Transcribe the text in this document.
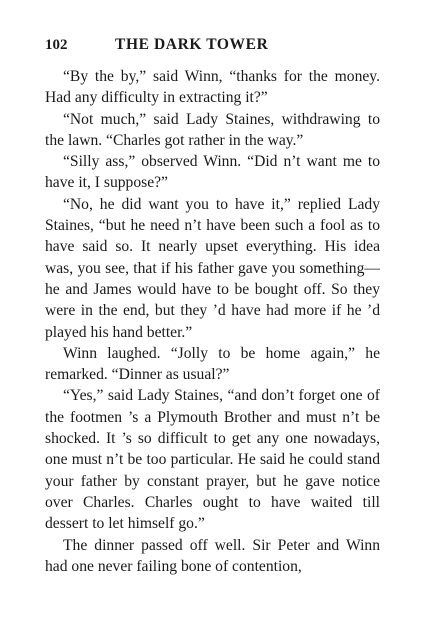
102	THE DARK TOWER

“By the by,” said Winn, “thanks for the money. Had any difficulty in extracting it?”

“Not much,” said Lady Staines, withdrawing to the lawn. “Charles got rather in the way.”

“Silly ass,” observed Winn. “Did n’t want me to have it, I suppose?”

“No, he did want you to have it,” replied Lady Staines, “but he need n’t have been such a fool as to have said so. It nearly upset everything. His idea was, you see, that if his father gave you something—he and James would have to be bought off. So they were in the end, but they ’d have had more if he ’d played his hand better.”

Winn laughed. “Jolly to be home again,” he remarked. “Dinner as usual?”

“Yes,” said Lady Staines, “and don’t forget one of the footmen ’s a Plymouth Brother and must n’t be shocked. It ’s so difficult to get any one nowadays, one must n’t be too particular. He said he could stand your father by constant prayer, but he gave notice over Charles. Charles ought to have waited till dessert to let himself go.”

The dinner passed off well. Sir Peter and Winn had one never failing bone of contention,
